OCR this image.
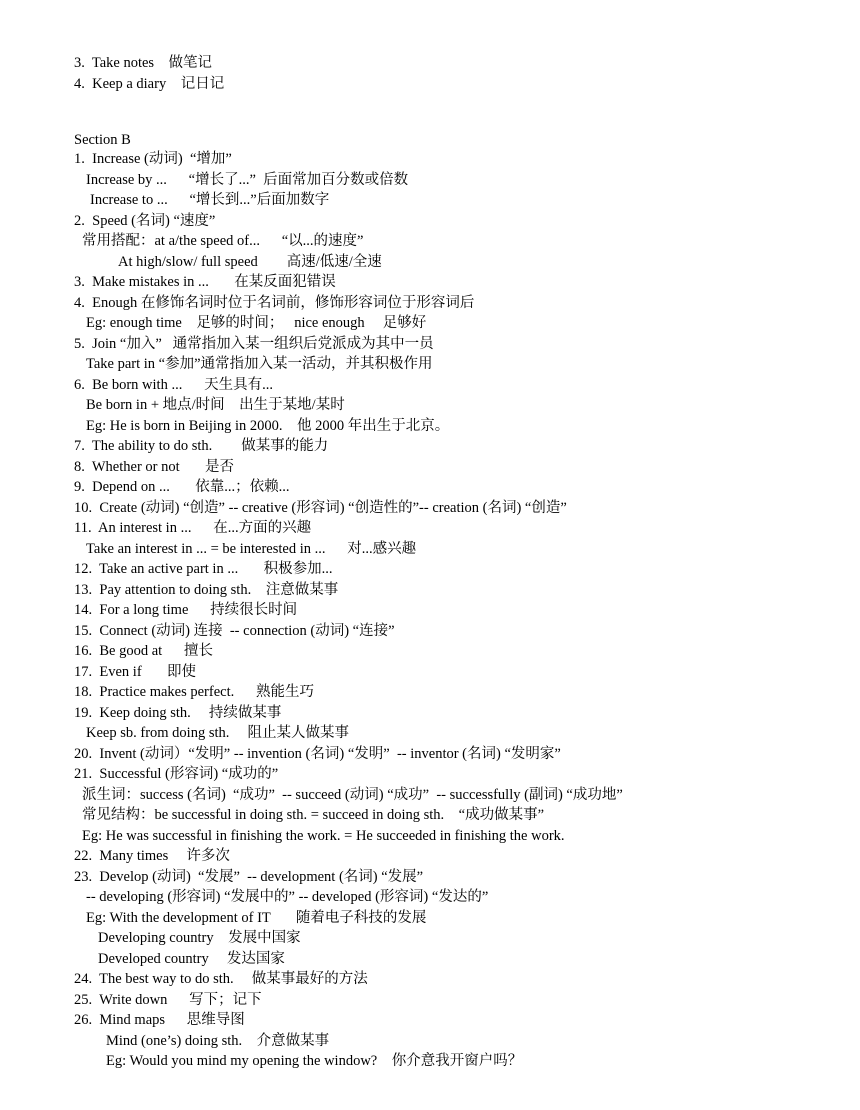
3.  Take notes    做笔记
4.  Keep a diary    记日记
Section B
1.  Increase (动词)  “增加”
Increase by ...      “增长了...”  后面常加百分数或倍数
Increase to ...      “增长到...”后面加数字
2.  Speed (名词) “速度”
常用搭配：at a/the speed of...      “以...的速度”
At high/slow/ full speed        高速/低速/全速
3.  Make mistakes in ...       在某反面犯错误
4.  Enough 在修饰名词时位于名词前，修饰形容词位于形容词后
Eg: enough time    足够的时间；   nice enough     足够好
5.  Join “加入”   通常指加入某一组织后党派成为其中一员
Take part in “参加”通常指加入某一活动，并其积极作用
6.  Be born with ...      天生具有...
Be born in + 地点/时间    出生于某地/某时
Eg: He is born in Beijing in 2000.    他 2000 年出生于北京。
7.  The ability to do sth.        做某事的能力
8.  Whether or not       是否
9.  Depend on ...       依靠...；依赖...
10.  Create (动词) “创造” -- creative (形容词) “创造性的”-- creation (名词) “创造”
11.  An interest in ...      在...方面的兴趣
Take an interest in ... = be interested in ...      对...感兴趣
12.  Take an active part in ...       积极参加...
13.  Pay attention to doing sth.    注意做某事
14.  For a long time      持续很长时间
15.  Connect (动词) 连接  -- connection (动词) “连接”
16.  Be good at      擅长
17.  Even if       即使
18.  Practice makes perfect.      熟能生巧
19.  Keep doing sth.     持续做某事
Keep sb. from doing sth.     阻止某人做某事
20.  Invent (动词）“发明” -- invention (名词) “发明”  -- inventor (名词) “发明家”
21.  Successful (形容词) “成功的”
派生词：success (名词)  “成功”  -- succeed (动词) “成功”  -- successfully (副词) “成功地”
常见结构：be successful in doing sth. = succeed in doing sth.    “成功做某事”
Eg: He was successful in finishing the work. = He succeeded in finishing the work.
22.  Many times     许多次
23.  Develop (动词)  “发展”  -- development (名词) “发展”
-- developing (形容词) “发展中的” -- developed (形容词) “发达的”
Eg: With the development of IT       随着电子科技的发展
Developing country    发展中国家
Developed country     发达国家
24.  The best way to do sth.     做某事最好的方法
25.  Write down      写下；记下
26.  Mind maps      思维导图
Mind (one’s) doing sth.    介意做某事
Eg: Would you mind my opening the window?    你介意我开窗户吗？
